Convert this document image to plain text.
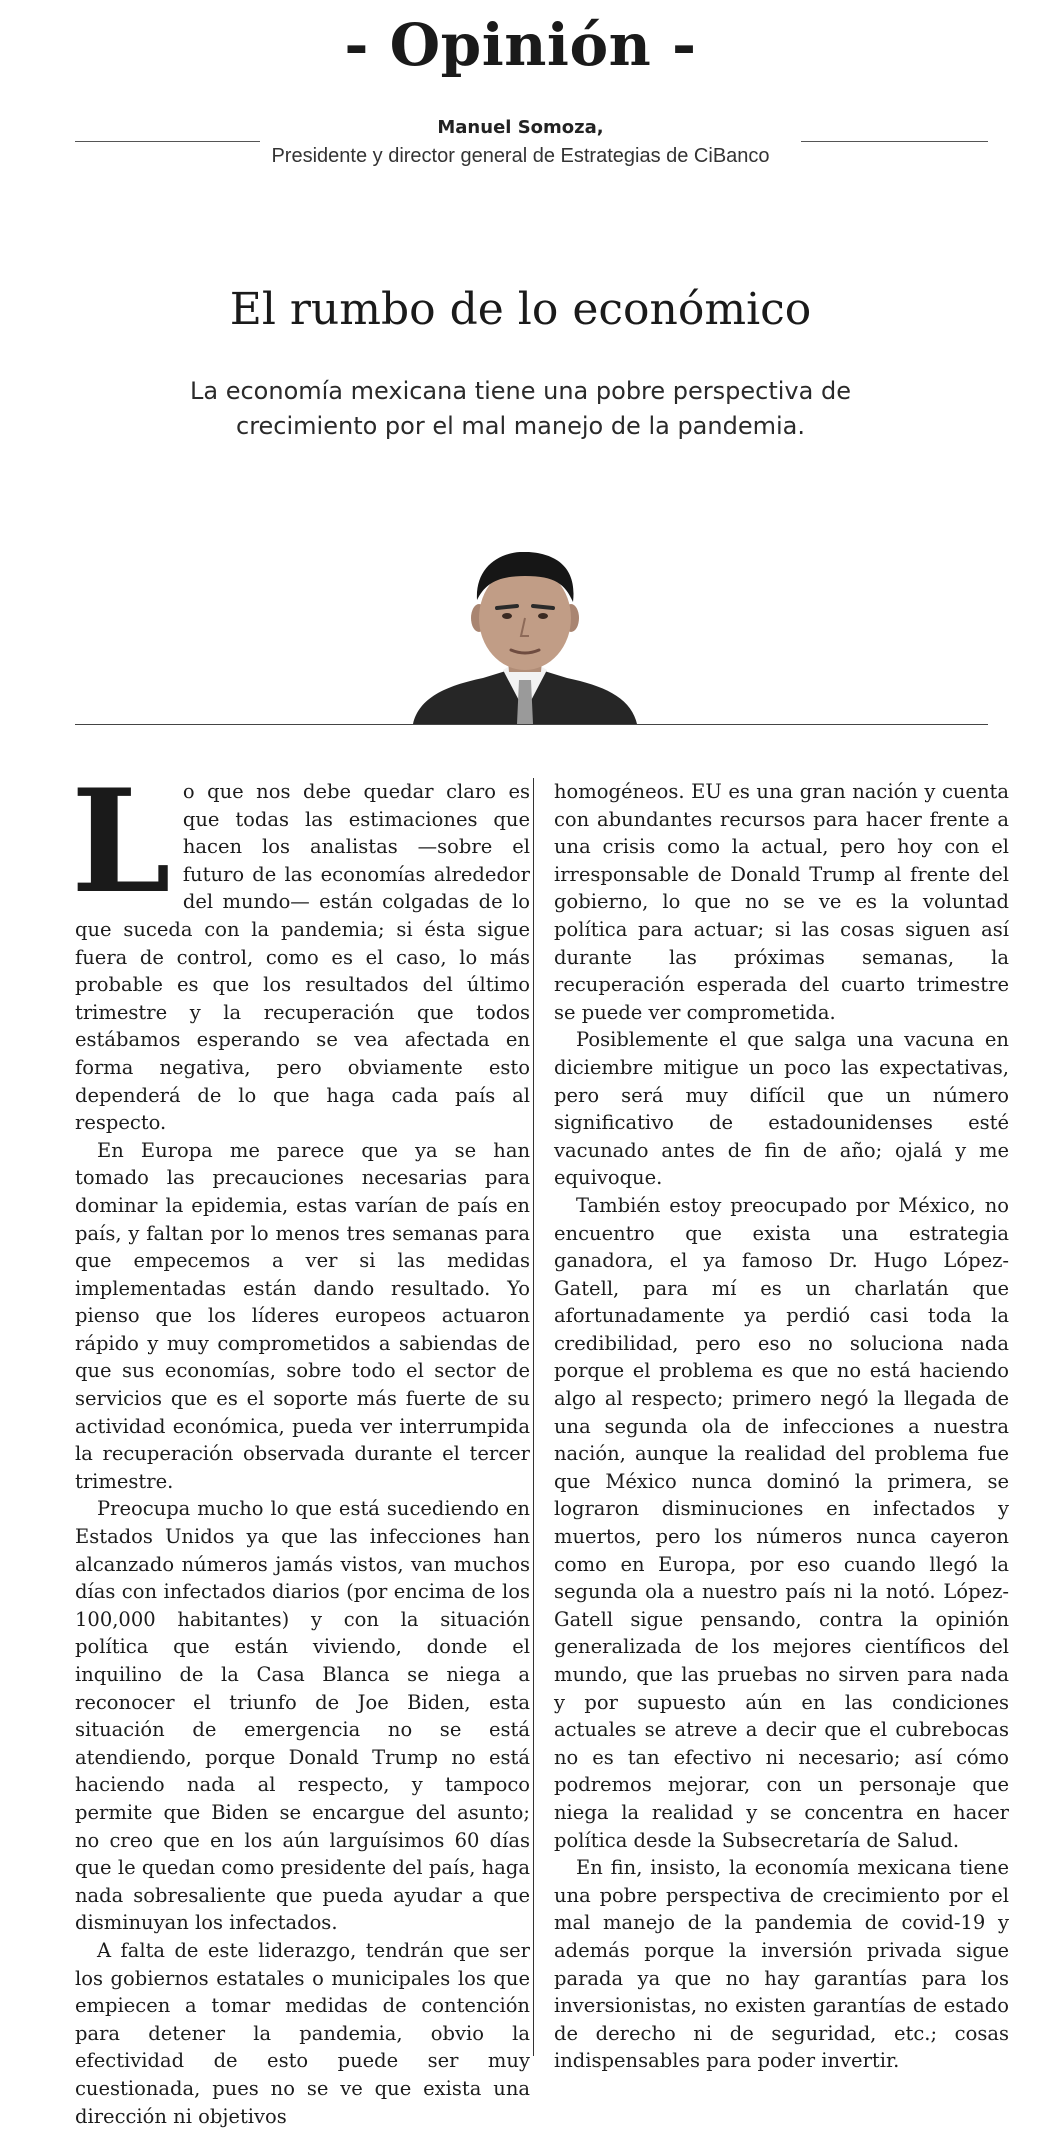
- Opinión -
Manuel Somoza,
Presidente y director general de Estrategias de CiBanco
El rumbo de lo económico
La economía mexicana tiene una pobre perspectiva de crecimiento por el mal manejo de la pandemia.

Lo que nos debe quedar claro es que todas las estimaciones que hacen los analistas —sobre el futuro de las economías alrededor del mundo— están colgadas de lo que suceda con la pandemia; si ésta sigue fuera de control, como es el caso, lo más probable es que los resultados del último trimestre y la recuperación que todos estábamos esperando se vea afectada en forma negativa, pero obviamente esto dependerá de lo que haga cada país al respecto.

En Europa me parece que ya se han tomado las precauciones necesarias para dominar la epidemia, estas varían de país en país, y faltan por lo menos tres semanas para que empecemos a ver si las medidas implementadas están dando resultado. Yo pienso que los líderes europeos actuaron rápido y muy comprometidos a sabiendas de que sus economías, sobre todo el sector de servicios que es el soporte más fuerte de su actividad económica, pueda ver interrumpida la recuperación observada durante el tercer trimestre.

Preocupa mucho lo que está sucediendo en Estados Unidos ya que las infecciones han alcanzado números jamás vistos, van muchos días con infectados diarios (por encima de los 100,000 habitantes) y con la situación política que están viviendo, donde el inquilino de la Casa Blanca se niega a reconocer el triunfo de Joe Biden, esta situación de emergencia no se está atendiendo, porque Donald Trump no está haciendo nada al respecto, y tampoco permite que Biden se encargue del asunto; no creo que en los aún larguísimos 60 días que le quedan como presidente del país, haga nada sobresaliente que pueda ayudar a que disminuyan los infectados.

A falta de este liderazgo, tendrán que ser los gobiernos estatales o municipales los que empiecen a tomar medidas de contención para detener la pandemia, obvio la efectividad de esto puede ser muy cuestionada, pues no se ve que exista una dirección ni objetivos

homogéneos. EU es una gran nación y cuenta con abundantes recursos para hacer frente a una crisis como la actual, pero hoy con el irresponsable de Donald Trump al frente del gobierno, lo que no se ve es la voluntad política para actuar; si las cosas siguen así durante las próximas semanas, la recuperación esperada del cuarto trimestre se puede ver comprometida.

Posiblemente el que salga una vacuna en diciembre mitigue un poco las expectativas, pero será muy difícil que un número significativo de estadounidenses esté vacunado antes de fin de año; ojalá y me equivoque.

También estoy preocupado por México, no encuentro que exista una estrategia ganadora, el ya famoso Dr. Hugo López-Gatell, para mí es un charlatán que afortunadamente ya perdió casi toda la credibilidad, pero eso no soluciona nada porque el problema es que no está haciendo algo al respecto; primero negó la llegada de una segunda ola de infecciones a nuestra nación, aunque la realidad del problema fue que México nunca dominó la primera, se lograron disminuciones en infectados y muertos, pero los números nunca cayeron como en Europa, por eso cuando llegó la segunda ola a nuestro país ni la notó. López- Gatell sigue pensando, contra la opinión generalizada de los mejores científicos del mundo, que las pruebas no sirven para nada y por supuesto aún en las condiciones actuales se atreve a decir que el cubrebocas no es tan efectivo ni necesario; así cómo podremos mejorar, con un personaje que niega la realidad y se concentra en hacer política desde la Subsecretaría de Salud.

En fin, insisto, la economía mexicana tiene una pobre perspectiva de crecimiento por el mal manejo de la pandemia de covid-19 y además porque la inversión privada sigue parada ya que no hay garantías para los inversionistas, no existen garantías de estado de derecho ni de seguridad, etc.; cosas indispensables para poder invertir.
